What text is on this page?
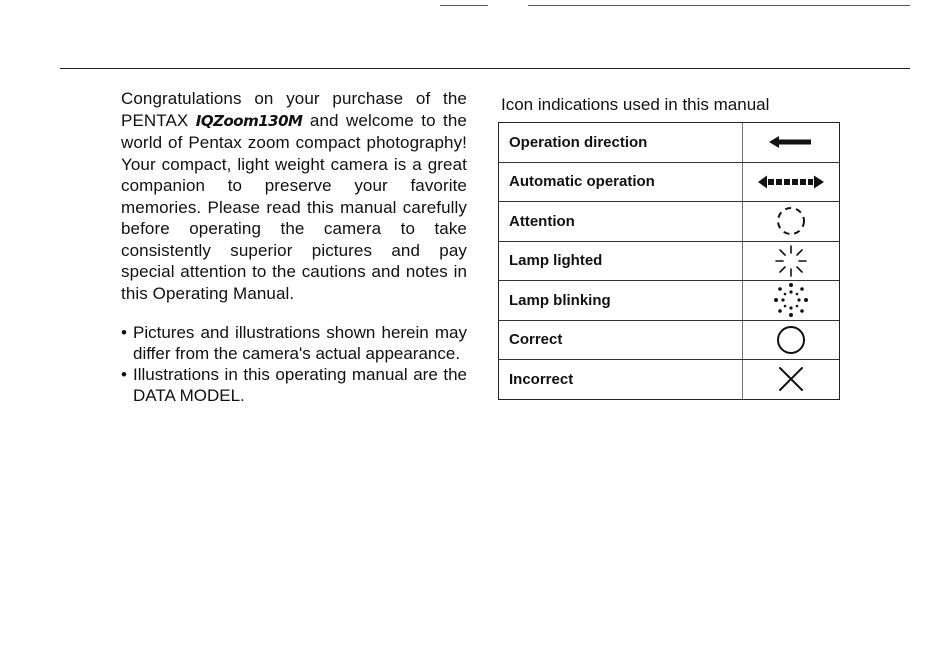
Congratulations on your purchase of the PENTAX IQZoom130M and welcome to the world of Pentax zoom compact photography! Your compact, light weight camera is a great companion to preserve your favorite memories. Please read this manual carefully before operating the camera to take consistently superior pictures and pay special attention to the cautions and notes in this Operating Manual.

• Pictures and illustrations shown herein may differ from the camera's actual appearance.
• Illustrations in this operating manual are the DATA MODEL.

Icon indications used in this manual

Operation direction
Automatic operation
Attention
Lamp lighted
Lamp blinking
Correct
Incorrect
